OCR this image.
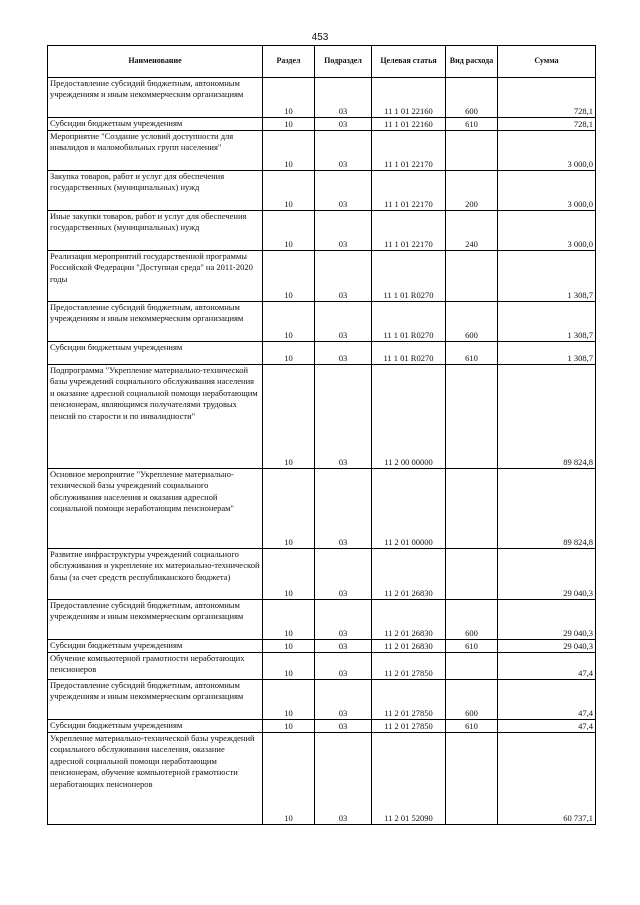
453
Наименование	Раздел	Подраздел	Целевая статья	Вид расхода	Сумма
Предоставление субсидий бюджетным, автономным учреждениям и иным некоммерческим организациям	10	03	11 1 01 22160	600	728,1
Субсидии бюджетным учреждениям	10	03	11 1 01 22160	610	728,1
Мероприятие "Создание условий доступности для инвалидов и маломобильных групп населения"	10	03	11 1 01 22170		3 000,0
Закупка товаров, работ и услуг для обеспечения государственных (муниципальных) нужд	10	03	11 1 01 22170	200	3 000,0
Иные закупки товаров, работ и услуг для обеспечения государственных (муниципальных) нужд	10	03	11 1 01 22170	240	3 000,0
Реализация мероприятий государственной программы Российской Федерации "Доступная среда" на 2011-2020 годы	10	03	11 1 01 R0270		1 308,7
Предоставление субсидий бюджетным, автономным учреждениям и иным некоммерческим организациям	10	03	11 1 01 R0270	600	1 308,7
Субсидии бюджетным учреждениям	10	03	11 1 01 R0270	610	1 308,7
Подпрограмма "Укрепление материально-технической базы учреждений социального обслуживания населения и оказание адресной социальной помощи неработающим пенсионерам, являющимся получателями трудовых пенсий по старости и по инвалидности"	10	03	11 2 00 00000		89 824,8
Основное мероприятие "Укрепление материально-технической базы учреждений социального обслуживания населения и оказания адресной социальной помощи неработающим пенсионерам"	10	03	11 2 01 00000		89 824,8
Развитие инфраструктуры учреждений социального обслуживания и укрепление их материально-технической базы (за счет средств республиканского бюджета)	10	03	11 2 01 26830		29 040,3
Предоставление субсидий бюджетным, автономным учреждениям и иным некоммерческим организациям	10	03	11 2 01 26830	600	29 040,3
Субсидии бюджетным учреждениям	10	03	11 2 01 26830	610	29 040,3
Обучение компьютерной грамотности неработающих пенсионеров	10	03	11 2 01 27850		47,4
Предоставление субсидий бюджетным, автономным учреждениям и иным некоммерческим организациям	10	03	11 2 01 27850	600	47,4
Субсидии бюджетным учреждениям	10	03	11 2 01 27850	610	47,4
Укрепление материально-технической базы учреждений социального обслуживания населения, оказание адресной социальной помощи неработающим пенсионерам, обучение компьютерной грамотности неработающих пенсионеров	10	03	11 2 01 52090		60 737,1
